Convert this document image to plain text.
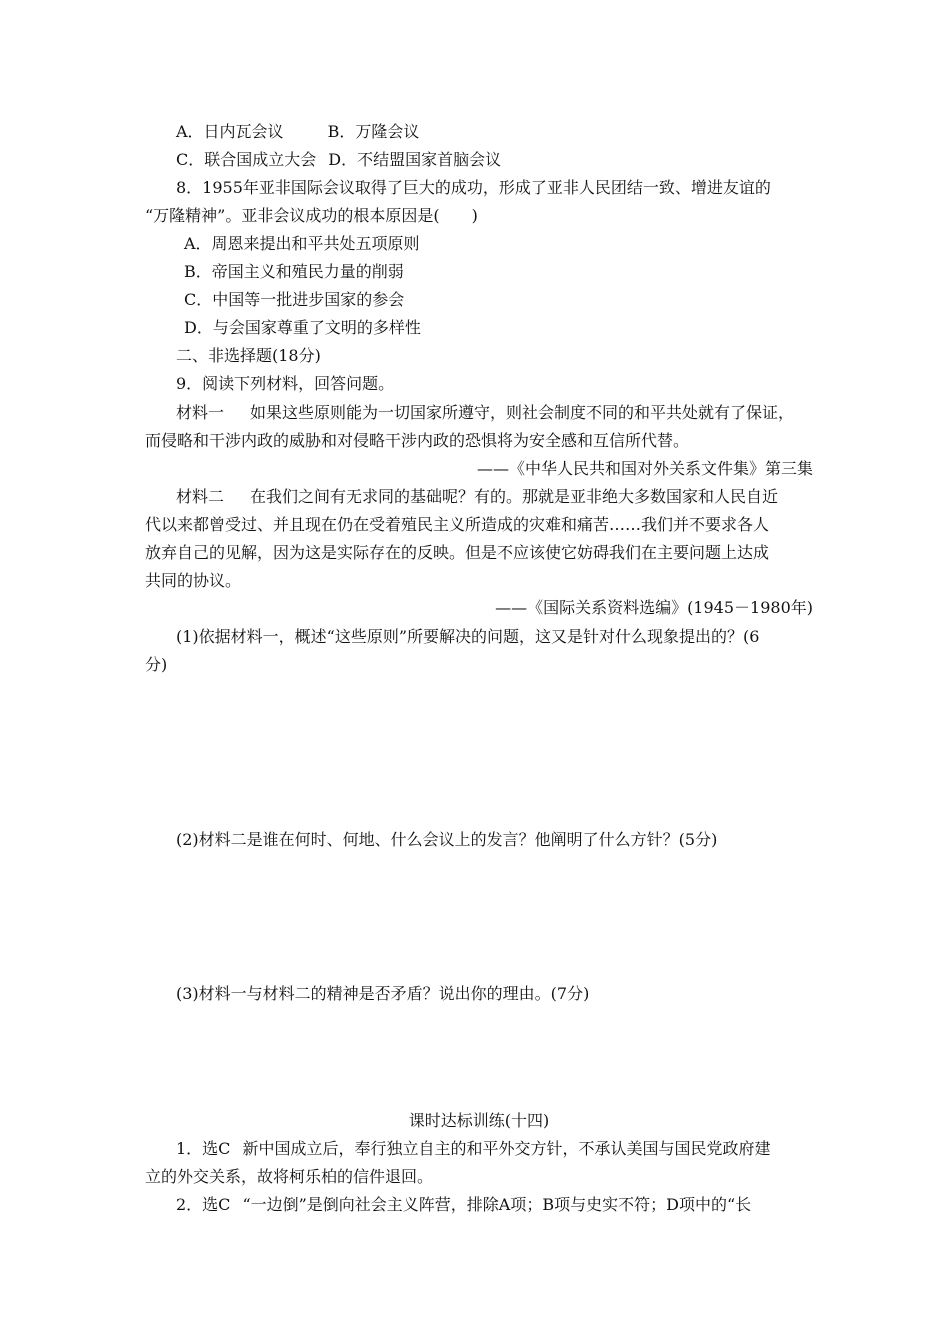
A．日内瓦会议	B．万隆会议
C．联合国成立大会 D．不结盟国家首脑会议
8．1955年亚非国际会议取得了巨大的成功，形成了亚非人民团结一致、增进友谊的
“万隆精神”。亚非会议成功的根本原因是(　　)
A．周恩来提出和平共处五项原则
B．帝国主义和殖民力量的削弱
C．中国等一批进步国家的参会
D．与会国家尊重了文明的多样性
二、非选择题(18分)
9．阅读下列材料，回答问题。
材料一 如果这些原则能为一切国家所遵守，则社会制度不同的和平共处就有了保证，
而侵略和干涉内政的威胁和对侵略干涉内政的恐惧将为安全感和互信所代替。
——《中华人民共和国对外关系文件集》第三集
材料二 在我们之间有无求同的基础呢？有的。那就是亚非绝大多数国家和人民自近
代以来都曾受过、并且现在仍在受着殖民主义所造成的灾难和痛苦……我们并不要求各人
放弃自己的见解，因为这是实际存在的反映。但是不应该使它妨碍我们在主要问题上达成
共同的协议。
——《国际关系资料选编》(1945－1980年)
(1)依据材料一，概述“这些原则”所要解决的问题，这又是针对什么现象提出的？(6
分)
(2)材料二是谁在何时、何地、什么会议上的发言？他阐明了什么方针？(5分)
(3)材料一与材料二的精神是否矛盾？说出你的理由。(7分)
课时达标训练(十四)
1．选C 新中国成立后，奉行独立自主的和平外交方针，不承认美国与国民党政府建
立的外交关系，故将柯乐柏的信件退回。
2．选C “一边倒”是倒向社会主义阵营，排除A项；B项与史实不符；D项中的“长
